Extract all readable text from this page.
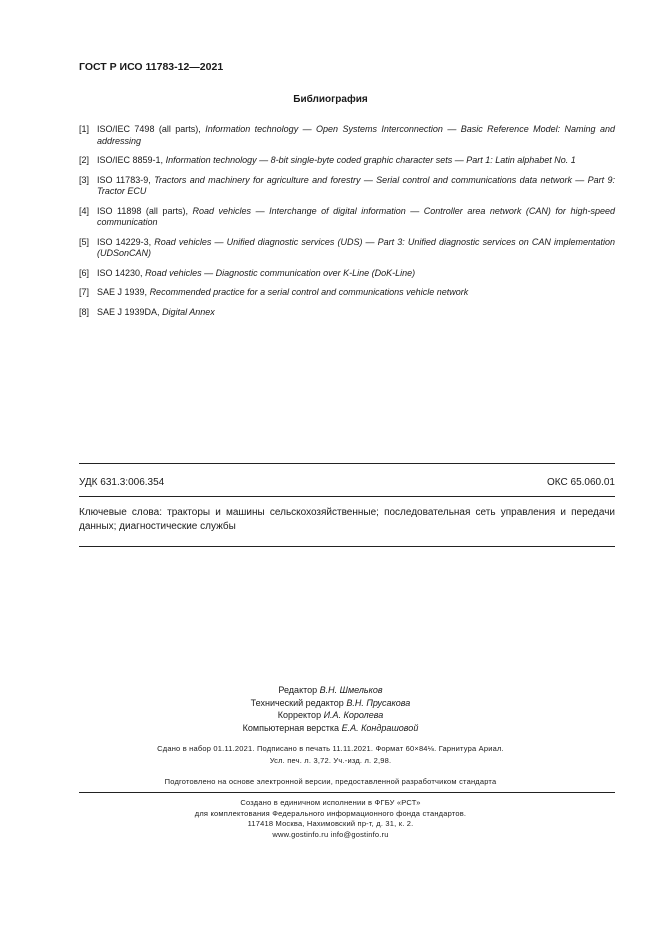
ГОСТ Р ИСО 11783-12—2021
Библиография
[1] ISO/IEC 7498 (all parts), Information technology — Open Systems Interconnection — Basic Reference Model: Naming and addressing
[2] ISO/IEC 8859-1, Information technology — 8-bit single-byte coded graphic character sets — Part 1: Latin alphabet No. 1
[3] ISO 11783-9, Tractors and machinery for agriculture and forestry — Serial control and communications data network — Part 9: Tractor ECU
[4] ISO 11898 (all parts), Road vehicles — Interchange of digital information — Controller area network (CAN) for high-speed communication
[5] ISO 14229-3, Road vehicles — Unified diagnostic services (UDS) — Part 3: Unified diagnostic services on CAN implementation (UDSonCAN)
[6] ISO 14230, Road vehicles — Diagnostic communication over K-Line (DoK-Line)
[7] SAE J 1939, Recommended practice for a serial control and communications vehicle network
[8] SAE J 1939DA, Digital Annex
УДК 631.3:006.354	ОКС 65.060.01
Ключевые слова: тракторы и машины сельскохозяйственные; последовательная сеть управления и передачи данных; диагностические службы
Редактор В.Н. Шмельков
Технический редактор В.Н. Прусакова
Корректор И.А. Королева
Компьютерная верстка Е.А. Кондрашовой
Сдано в набор 01.11.2021. Подписано в печать 11.11.2021. Формат 60×84⅛. Гарнитура Ариал.
Усл. печ. л. 3,72. Уч.-изд. л. 2,98.
Подготовлено на основе электронной версии, предоставленной разработчиком стандарта
Создано в единичном исполнении в ФГБУ «РСТ»
для комплектования Федерального информационного фонда стандартов.
117418 Москва, Нахимовский пр-т, д. 31, к. 2.
www.gostinfo.ru info@gostinfo.ru
